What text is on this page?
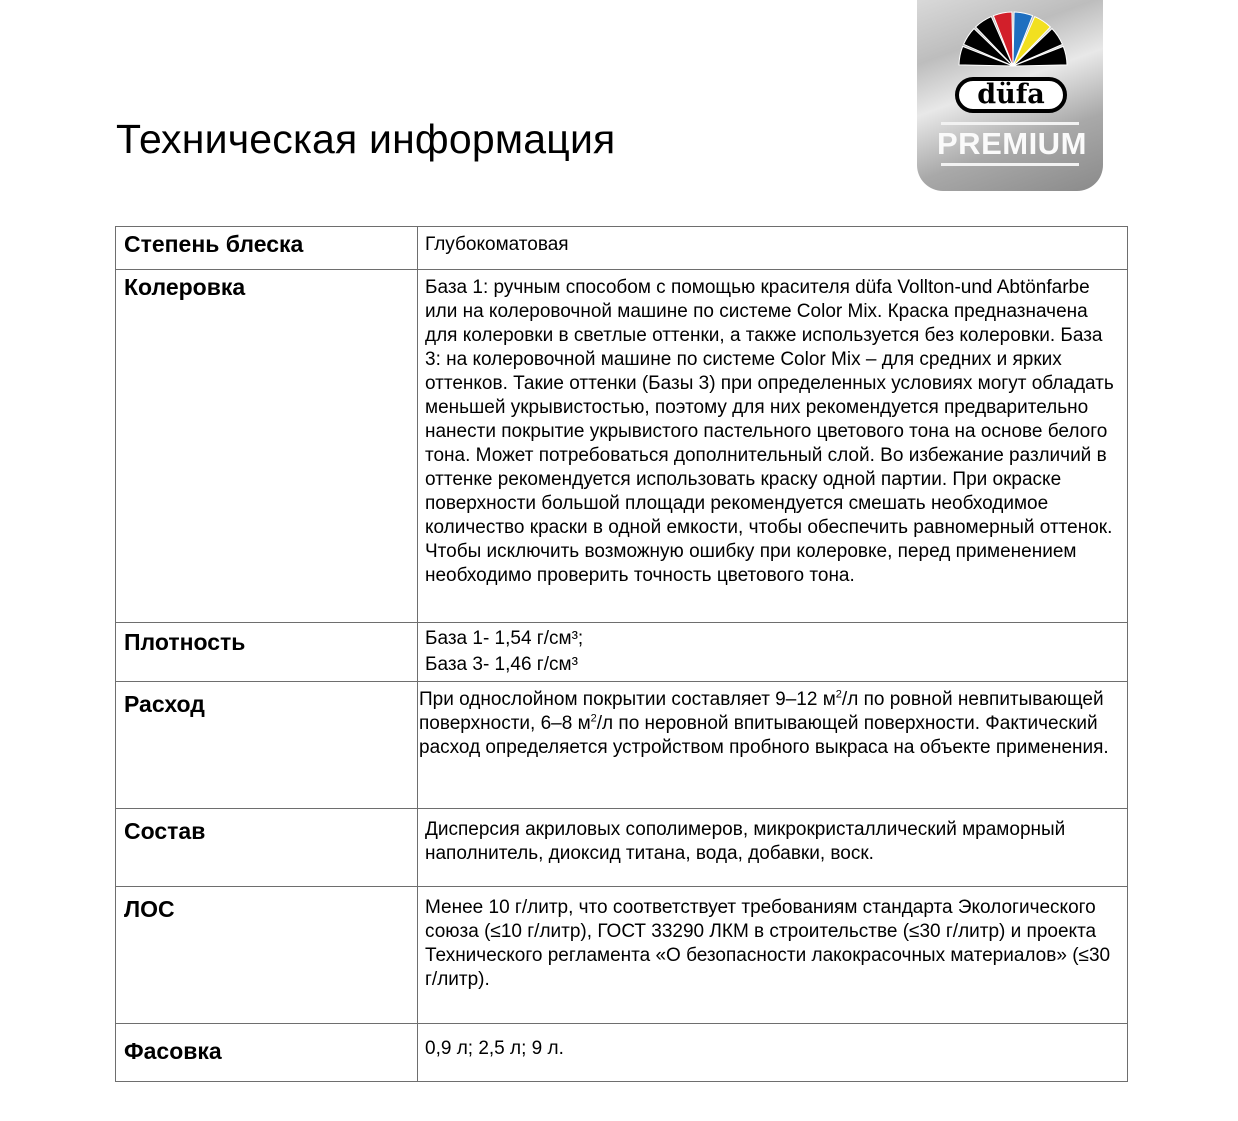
Техническая информация
düfa
PREMIUM
Степень блеска	Глубокоматовая
Колеровка	База 1: ручным способом с помощью красителя düfa Vollton-und Abtönfarbe или на колеровочной машине по системе Color Mix. Краска предназначена для колеровки в светлые оттенки, а также используется без колеровки. База 3: на колеровочной машине по системе Color Mix – для средних и ярких оттенков. Такие оттенки (Базы 3) при определенных условиях могут обладать меньшей укрывистостью, поэтому для них рекомендуется предварительно нанести покрытие укрывистого пастельного цветового тона на основе белого тона. Может потребоваться дополнительный слой. Во избежание различий в оттенке рекомендуется использовать краску одной партии. При окраске поверхности большой площади рекомендуется смешать необходимое количество краски в одной емкости, чтобы обеспечить равномерный оттенок. Чтобы исключить возможную ошибку при колеровке, перед применением необходимо проверить точность цветового тона.
Плотность	База 1- 1,54 г/см³;
База 3- 1,46 г/см³

Расход	При однослойном покрытии составляет 9–12 $м^2/л$ по ровной невпитывающей поверхности, 6–8 $м^2/л$ по неровной впитывающей поверхности. Фактический расход определяется устройством пробного выкраса на объекте применения.
Состав	Дисперсия акриловых сополимеров, микрокристаллический мраморный наполнитель, диоксид титана, вода, добавки, воск.
ЛОС	Менее 10 г/литр, что соответствует требованиям стандарта Экологического союза (≤10 г/литр), ГОСТ 33290 ЛКМ в строительстве (≤30 г/литр) и проекта Технического регламента «О безопасности лакокрасочных материалов» (≤30 г/литр).
Фасовка	0,9 л; 2,5 л; 9 л.
